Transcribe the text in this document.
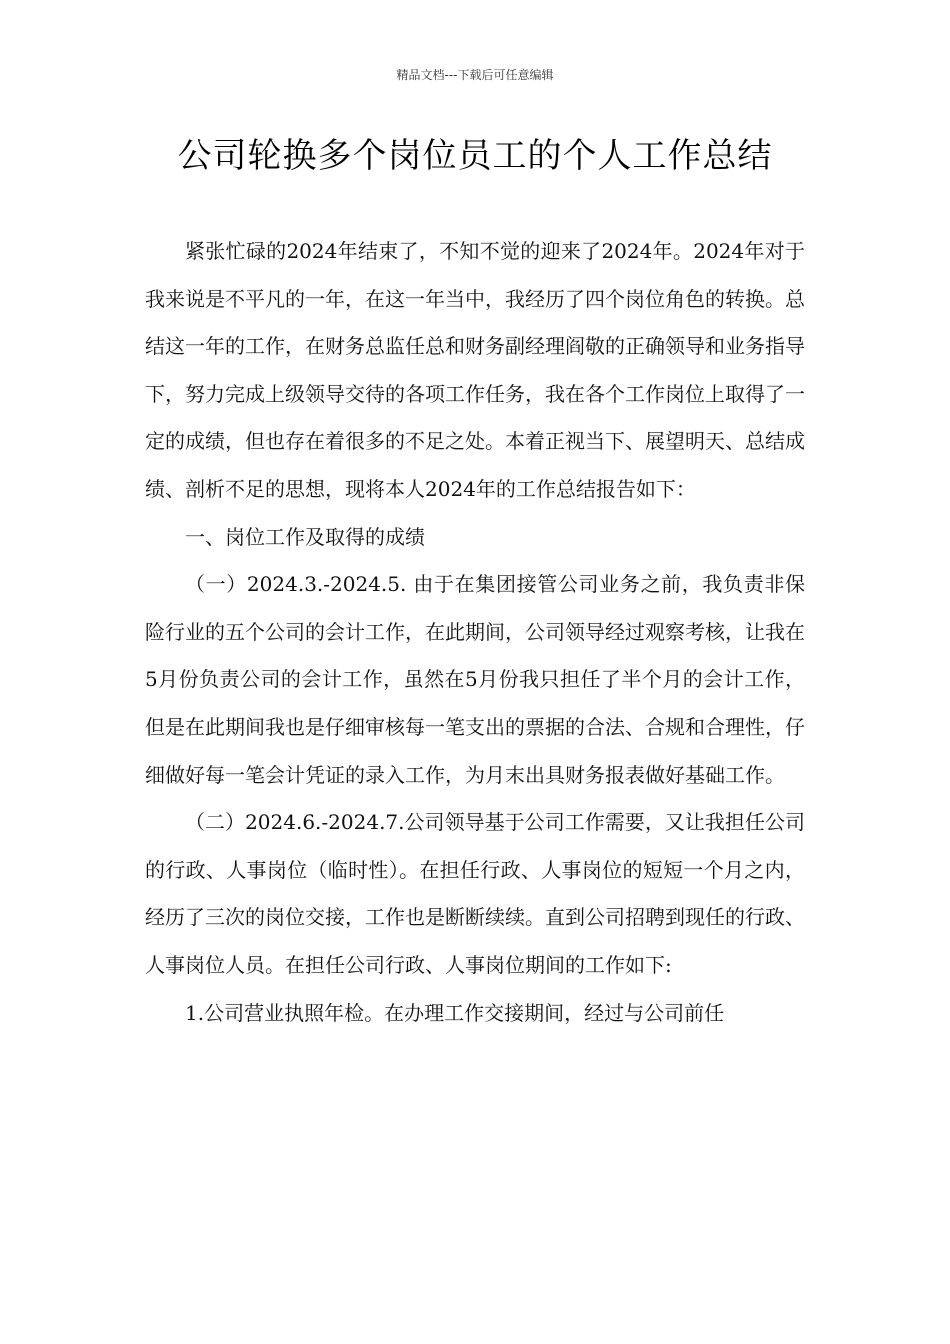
精品文档---下载后可任意编辑
公司轮换多个岗位员工的个人工作总结

紧张忙碌的2024年结束了，不知不觉的迎来了2024年。2024年对于我来说是不平凡的一年，在这一年当中，我经历了四个岗位角色的转换。总结这一年的工作，在财务总监任总和财务副经理阎敬的正确领导和业务指导下，努力完成上级领导交待的各项工作任务，我在各个工作岗位上取得了一定的成绩，但也存在着很多的不足之处。本着正视当下、展望明天、总结成绩、剖析不足的思想，现将本人2024年的工作总结报告如下：

一、岗位工作及取得的成绩

（一）2024.3.-2024.5. 由于在集团接管公司业务之前，我负责非保险行业的五个公司的会计工作，在此期间，公司领导经过观察考核，让我在5月份负责公司的会计工作，虽然在5月份我只担任了半个月的会计工作，但是在此期间我也是仔细审核每一笔支出的票据的合法、合规和合理性，仔细做好每一笔会计凭证的录入工作，为月末出具财务报表做好基础工作。

（二）2024.6.-2024.7.公司领导基于公司工作需要，又让我担任公司的行政、人事岗位（临时性）。在担任行政、人事岗位的短短一个月之内，经历了三次的岗位交接，工作也是断断续续。直到公司招聘到现任的行政、人事岗位人员。在担任公司行政、人事岗位期间的工作如下:

1.公司营业执照年检。在办理工作交接期间，经过与公司前任
